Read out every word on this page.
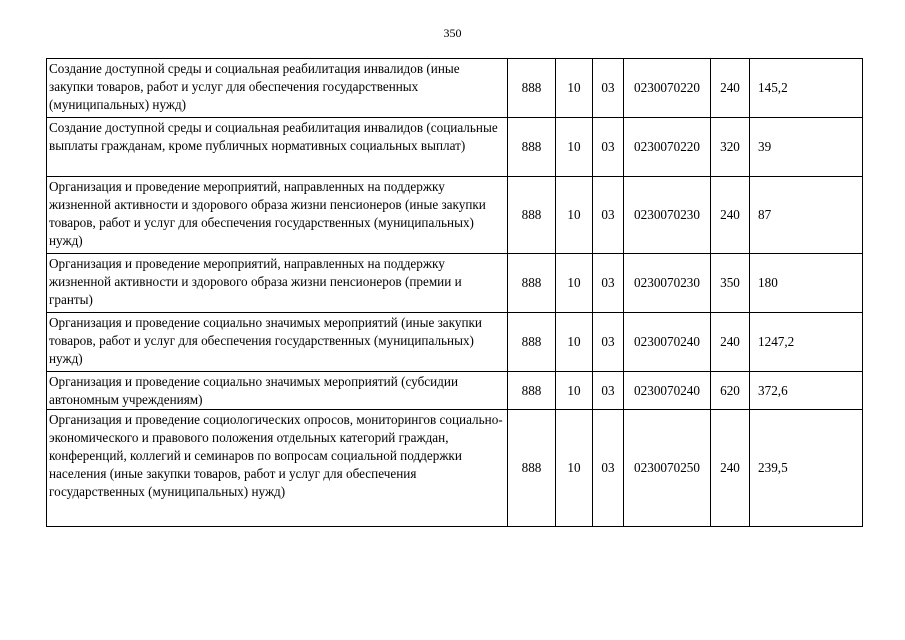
350
Создание доступной среды и социальная реабилитация инвалидов (иные закупки товаров, работ и услуг для обеспечения государственных (муниципальных) нужд)	888	10	03	0230070220	240	145,2
Создание доступной среды и социальная реабилитация инвалидов (социальные выплаты гражданам, кроме публичных нормативных социальных выплат)	888	10	03	0230070220	320	39
Организация и проведение мероприятий, направленных на поддержку жизненной активности и здорового образа жизни пенсионеров (иные закупки товаров, работ и услуг для обеспечения государственных (муниципальных) нужд)	888	10	03	0230070230	240	87
Организация и проведение мероприятий, направленных на поддержку жизненной активности и здорового образа жизни пенсионеров (премии и гранты)	888	10	03	0230070230	350	180
Организация и проведение социально значимых мероприятий (иные закупки товаров, работ и услуг для обеспечения государственных (муниципальных) нужд)	888	10	03	0230070240	240	1247,2
Организация и проведение социально значимых мероприятий (субсидии автономным учреждениям)	888	10	03	0230070240	620	372,6
Организация и проведение социологических опросов, мониторингов социально-экономического и правового положения отдельных категорий граждан, конференций, коллегий и семинаров по вопросам социальной поддержки населения (иные закупки товаров, работ и услуг для обеспечения государственных (муниципальных) нужд)	888	10	03	0230070250	240	239,5
